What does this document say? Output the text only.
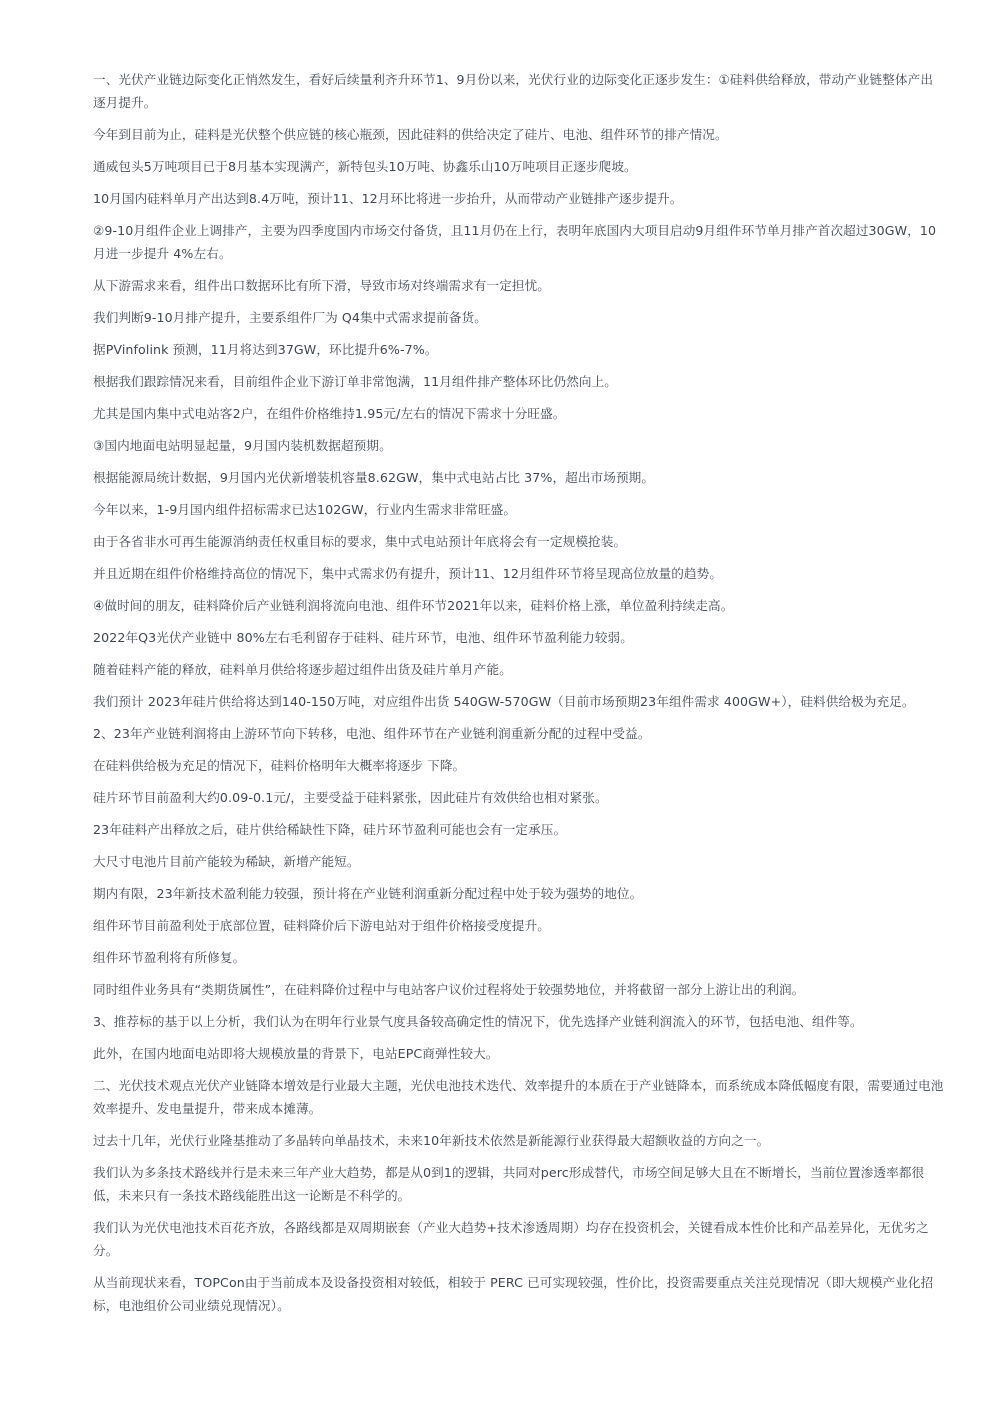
一、光伏产业链边际变化正悄然发生，看好后续量利齐升环节1、9月份以来，光伏行业的边际变化正逐步发生：①硅料供给释放，带动产业链整体产出逐月提升。

今年到目前为止，硅料是光伏整个供应链的核心瓶颈，因此硅料的供给决定了硅片、电池、组件环节的排产情况。

通威包头5万吨项目已于8月基本实现满产，新特包头10万吨、协鑫乐山10万吨项目正逐步爬坡。

10月国内硅料单月产出达到8.4万吨，预计11、12月环比将进一步抬升，从而带动产业链排产逐步提升。

②9-10月组件企业上调排产，主要为四季度国内市场交付备货，且11月仍在上行，表明年底国内大项目启动9月组件环节单月排产首次超过30GW，10月进一步提升 4%左右。

从下游需求来看，组件出口数据环比有所下滑，导致市场对终端需求有一定担忧。

我们判断9-10月排产提升，主要系组件厂为 Q4集中式需求提前备货。

据PVinfolink 预测，11月将达到37GW，环比提升6%-7%。

根据我们跟踪情况来看，目前组件企业下游订单非常饱满，11月组件排产整体环比仍然向上。

尤其是国内集中式电站客2户，在组件价格维持1.95元/左右的情况下需求十分旺盛。

③国内地面电站明显起量，9月国内装机数据超预期。

根据能源局统计数据，9月国内光伏新增装机容量8.62GW，集中式电站占比 37%，超出市场预期。

今年以来，1-9月国内组件招标需求已达102GW，行业内生需求非常旺盛。

由于各省非水可再生能源消纳责任权重目标的要求，集中式电站预计年底将会有一定规模抢装。

并且近期在组件价格维持高位的情况下，集中式需求仍有提升，预计11、12月组件环节将呈现高位放量的趋势。

④做时间的朋友，硅料降价后产业链利润将流向电池、组件环节2021年以来，硅料价格上涨，单位盈利持续走高。

2022年Q3光伏产业链中 80%左右毛利留存于硅料、硅片环节，电池、组件环节盈利能力较弱。

随着硅料产能的释放，硅料单月供给将逐步超过组件出货及硅片单月产能。

我们预计 2023年硅片供给将达到140-150万吨，对应组件出货 540GW-570GW（目前市场预期23年组件需求 400GW+），硅料供给极为充足。

2、23年产业链利润将由上游环节向下转移，电池、组件环节在产业链利润重新分配的过程中受益。

在硅料供给极为充足的情况下，硅料价格明年大概率将逐步 下降。

硅片环节目前盈利大约0.09-0.1元/，主要受益于硅料紧张，因此硅片有效供给也相对紧张。

23年硅料产出释放之后，硅片供给稀缺性下降，硅片环节盈利可能也会有一定承压。

大尺寸电池片目前产能较为稀缺，新增产能短。

期内有限，23年新技术盈利能力较强，预计将在产业链利润重新分配过程中处于较为强势的地位。

组件环节目前盈利处于底部位置，硅料降价后下游电站对于组件价格接受度提升。

组件环节盈利将有所修复。

同时组件业务具有“类期货属性”，在硅料降价过程中与电站客户议价过程将处于较强势地位，并将截留一部分上游让出的利润。

3、推荐标的基于以上分析，我们认为在明年行业景气度具备较高确定性的情况下，优先选择产业链利润流入的环节，包括电池、组件等。

此外，在国内地面电站即将大规模放量的背景下，电站EPC商弹性较大。

二、光伏技术观点光伏产业链降本增效是行业最大主题，光伏电池技术迭代、效率提升的本质在于产业链降本，而系统成本降低幅度有限，需要通过电池效率提升、发电量提升，带来成本摊薄。

过去十几年，光伏行业隆基推动了多晶转向单晶技术，未来10年新技术依然是新能源行业获得最大超额收益的方向之一。

我们认为多条技术路线并行是未来三年产业大趋势，都是从0到1的逻辑，共同对perc形成替代，市场空间足够大且在不断增长，当前位置渗透率都很低，未来只有一条技术路线能胜出这一论断是不科学的。

我们认为光伏电池技术百花齐放，各路线都是双周期嵌套（产业大趋势+技术渗透周期）均存在投资机会，关键看成本性价比和产品差异化，无优劣之分。

从当前现状来看，TOPCon由于当前成本及设备投资相对较低，相较于 PERC 已可实现较强，性价比，投资需要重点关注兑现情况（即大规模产业化招标，电池组价公司业绩兑现情况）。
